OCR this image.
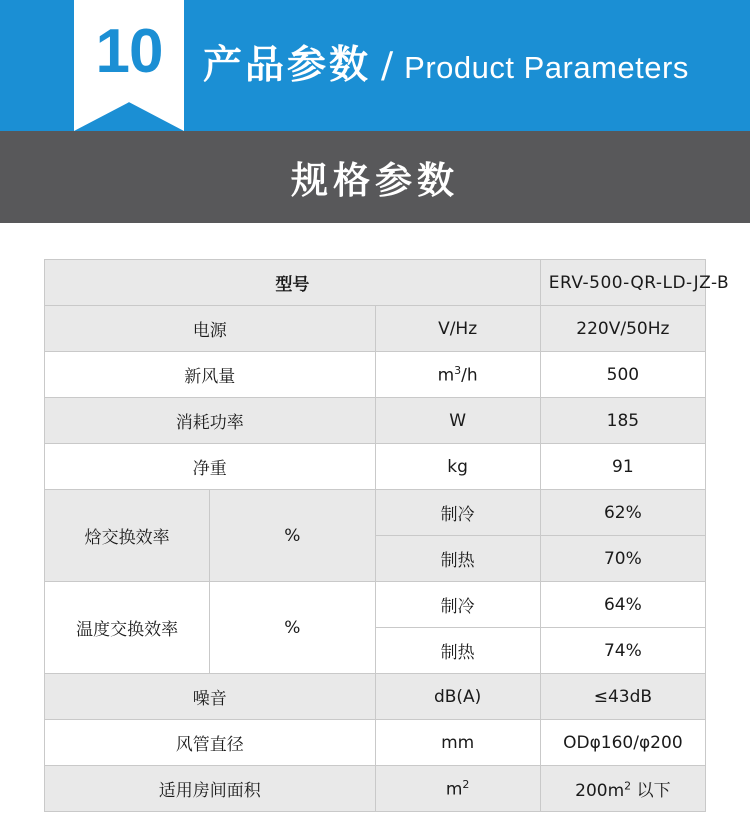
10	产品参数 / Product Parameters
规格参数
型号			ERV-500-QR-LD-JZ-B
电源		V/Hz	220V/50Hz
新风量		$m^3/h$	500
消耗功率		W	185
净重		kg	91
焓交换效率	%	制冷	62%
		制热	70%
温度交换效率	%	制冷	64%
		制热	74%
噪音		dB(A)	≤43dB
风管直径		mm	ODφ160/φ200
适用房间面积		$m^2$	$200m^2$ 以下
